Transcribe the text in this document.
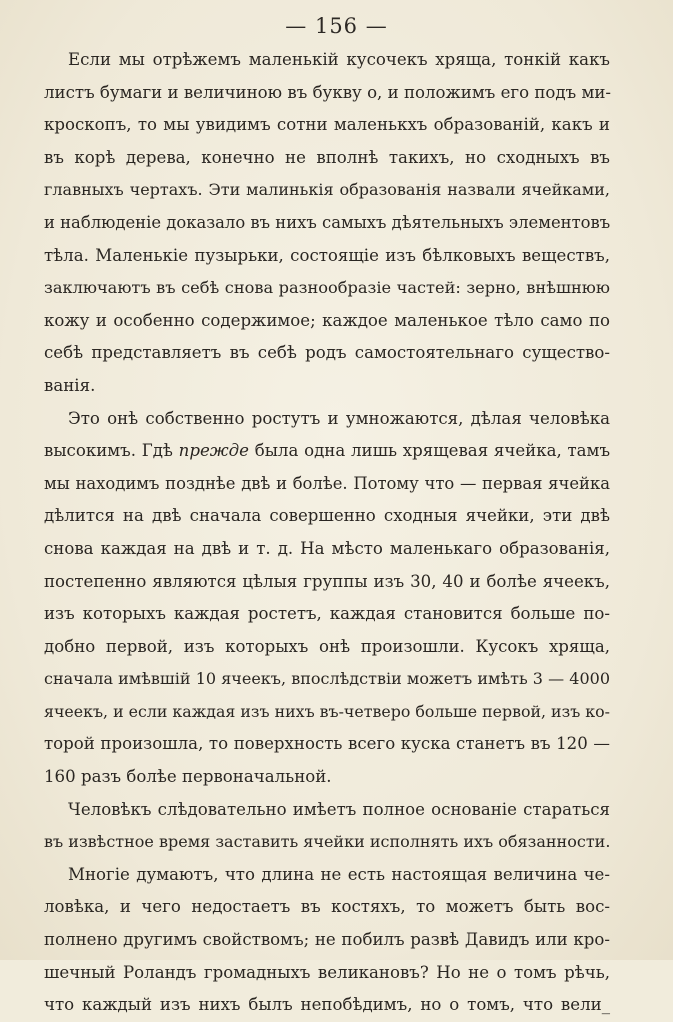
— 156 —
Если мы отрѣжемъ маленькій кусочекъ хряща, тонкій какъ
листъ бумаги и величиною въ букву о, и положимъ его подъ ми-
кроскопъ, то мы увидимъ сотни маленькхъ образованій, какъ и
въ корѣ дерева, конечно не вполнѣ такихъ, но сходныхъ въ
главныхъ чертахъ. Эти малинькія образованія назвали ячейками,
и наблюденіе доказало въ нихъ самыхъ дѣятельныхъ элементовъ
тѣла. Маленькіе пузырьки, состоящіе изъ бѣлковыхъ веществъ,
заключаютъ въ себѣ снова разнообразіе частей: зерно, внѣшнюю
кожу и особенно содержимое; каждое маленькое тѣло само по
себѣ представляетъ въ себѣ родъ самостоятельнаго существо-
ванія.
Это онѣ собственно ростутъ и умножаются, дѣлая человѣка
высокимъ. Гдѣ прежде была одна лишь хрящевая ячейка, тамъ
мы находимъ позднѣе двѣ и болѣе. Потому что — первая ячейка
дѣлится на двѣ сначала совершенно сходныя ячейки, эти двѣ
снова каждая на двѣ и т. д. На мѣсто маленькаго образованія,
постепенно являются цѣлыя группы изъ 30, 40 и болѣе ячеекъ,
изъ которыхъ каждая ростетъ, каждая становится больше по-
добно первой, изъ которыхъ онѣ произошли. Кусокъ хряща,
сначала имѣвшій 10 ячеекъ, впослѣдствіи можетъ имѣть 3 — 4000
ячеекъ, и если каждая изъ нихъ въ-четверо больше первой, изъ ко-
торой произошла, то поверхность всего куска станетъ въ 120 —
160 разъ болѣе первоначальной.
Человѣкъ слѣдовательно имѣетъ полное основаніе стараться
въ извѣстное время заставить ячейки исполнять ихъ обязанности.
Многіе думаютъ, что длина не есть настоящая величина че-
ловѣка, и чего недостаетъ въ костяхъ, то можетъ быть вос-
полнено другимъ свойствомъ; не побилъ развѣ Давидъ или кро-
шечный Роландъ громадныхъ великановъ? Но не о томъ рѣчь,
что каждый изъ нихъ былъ непобѣдимъ, но о томъ, что вели_
